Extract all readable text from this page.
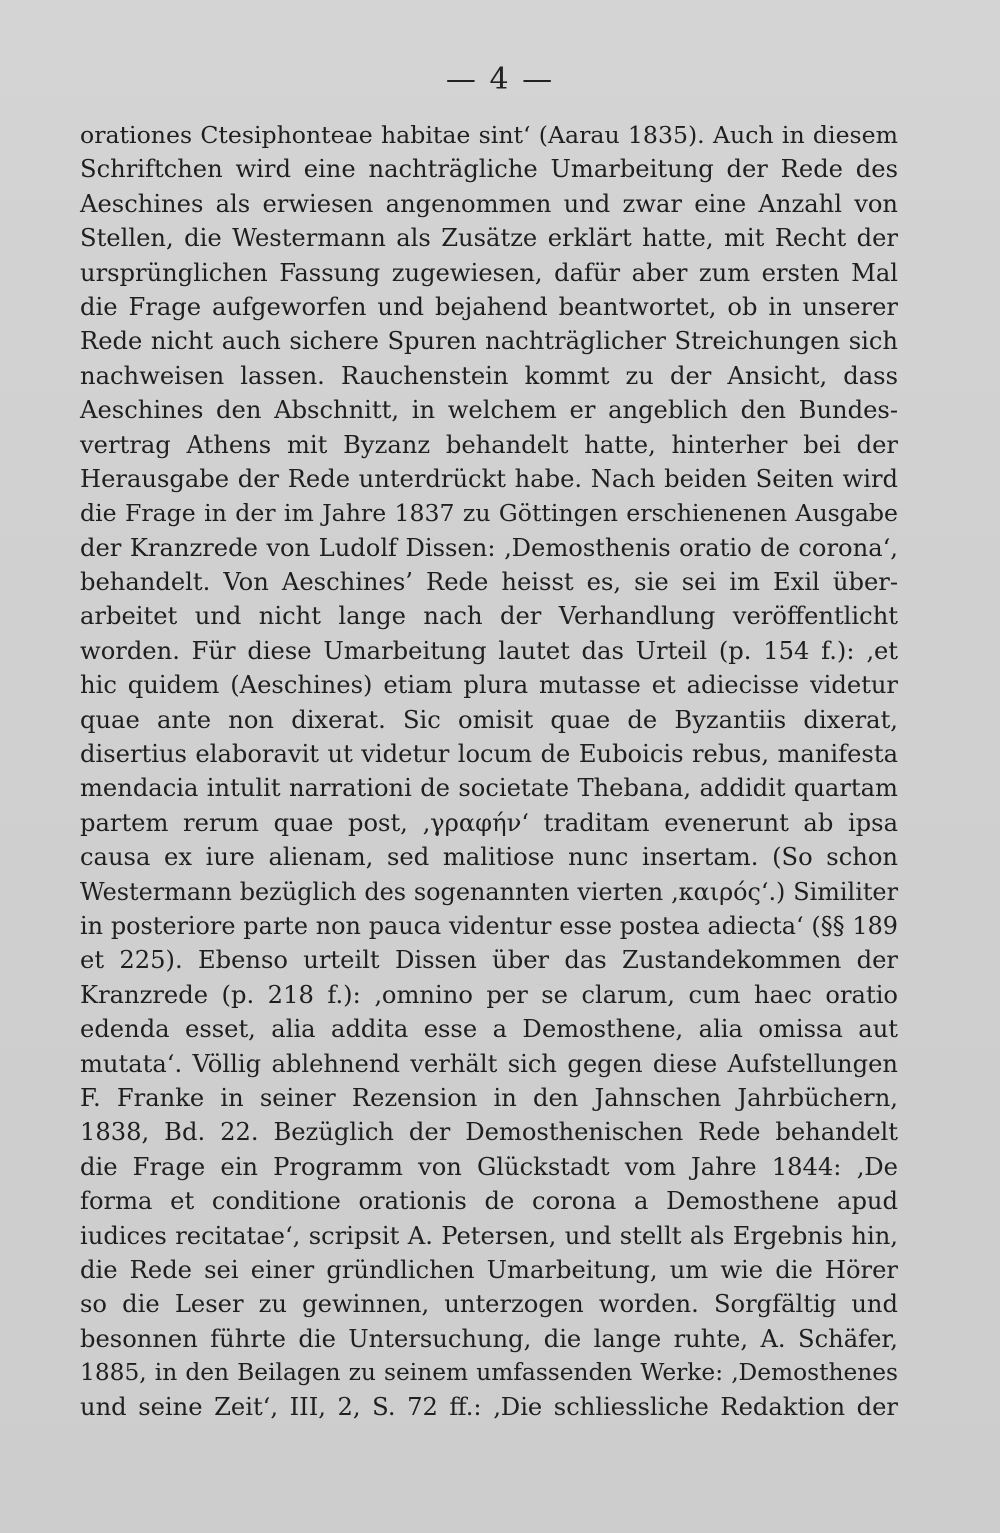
— 4 —
orationes Ctesiphonteae habitae sint‘ (Aarau 1835). Auch in diesem
Schriftchen wird eine nachträgliche Umarbeitung der Rede des
Aeschines als erwiesen angenommen und zwar eine Anzahl von
Stellen, die Westermann als Zusätze erklärt hatte, mit Recht der
ursprünglichen Fassung zugewiesen, dafür aber zum ersten Mal
die Frage aufgeworfen und bejahend beantwortet, ob in unserer
Rede nicht auch sichere Spuren nachträglicher Streichungen sich
nachweisen lassen. Rauchenstein kommt zu der Ansicht, dass
Aeschines den Abschnitt, in welchem er angeblich den Bundes-
vertrag Athens mit Byzanz behandelt hatte, hinterher bei der
Herausgabe der Rede unterdrückt habe. Nach beiden Seiten wird
die Frage in der im Jahre 1837 zu Göttingen erschienenen Ausgabe
der Kranzrede von Ludolf Dissen: ‚Demosthenis oratio de corona‘,
behandelt. Von Aeschines’ Rede heisst es, sie sei im Exil über-
arbeitet und nicht lange nach der Verhandlung veröffentlicht
worden. Für diese Umarbeitung lautet das Urteil (p. 154 f.): ‚et
hic quidem (Aeschines) etiam plura mutasse et adiecisse videtur
quae ante non dixerat. Sic omisit quae de Byzantiis dixerat,
disertius elaboravit ut videtur locum de Euboicis rebus, manifesta
mendacia intulit narrationi de societate Thebana, addidit quartam
partem rerum quae post, ‚γραφήν‘ traditam evenerunt ab ipsa
causa ex iure alienam, sed malitiose nunc insertam. (So schon
Westermann bezüglich des sogenannten vierten ‚καιρός‘.) Similiter
in posteriore parte non pauca videntur esse postea adiecta‘ (§§ 189
et 225). Ebenso urteilt Dissen über das Zustandekommen der
Kranzrede (p. 218 f.): ‚omnino per se clarum, cum haec oratio
edenda esset, alia addita esse a Demosthene, alia omissa aut
mutata‘. Völlig ablehnend verhält sich gegen diese Aufstellungen
F. Franke in seiner Rezension in den Jahnschen Jahrbüchern,
1838, Bd. 22. Bezüglich der Demosthenischen Rede behandelt
die Frage ein Programm von Glückstadt vom Jahre 1844: ‚De
forma et conditione orationis de corona a Demosthene apud
iudices recitatae‘, scripsit A. Petersen, und stellt als Ergebnis hin,
die Rede sei einer gründlichen Umarbeitung, um wie die Hörer
so die Leser zu gewinnen, unterzogen worden. Sorgfältig und
besonnen führte die Untersuchung, die lange ruhte, A. Schäfer,
1885, in den Beilagen zu seinem umfassenden Werke: ‚Demosthenes
und seine Zeit‘, III, 2, S. 72 ff.: ‚Die schliessliche Redaktion der
